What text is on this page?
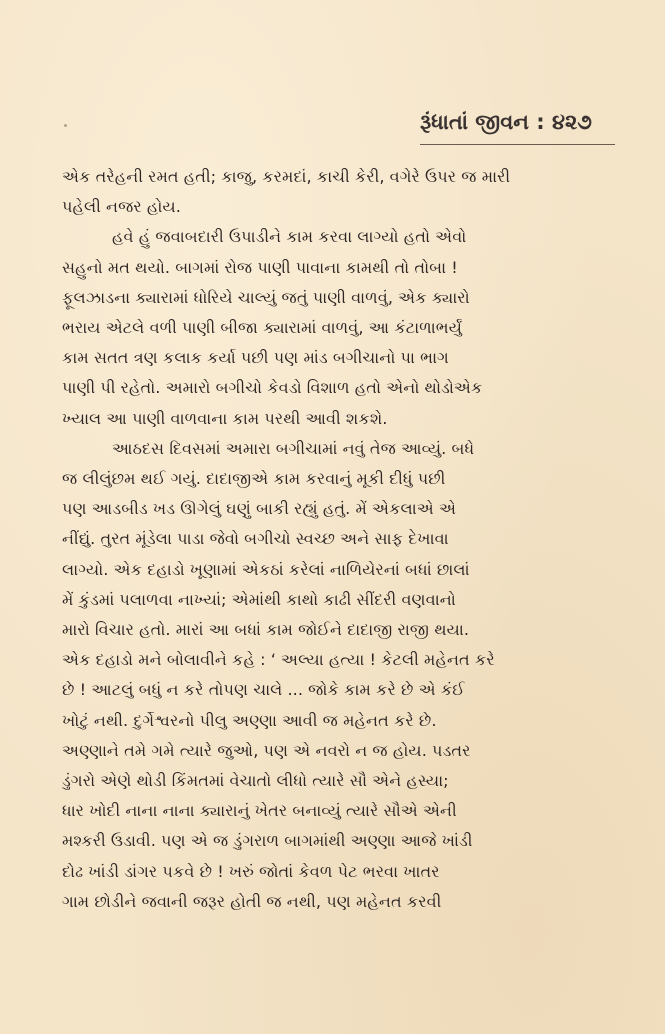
રૂંધાતાં જીવન : ૪૨૭

એક તરેહની રમત હતી; કાજુ, કરમદાં, કાચી કેરી, વગેરે ઉપર જ મારી
પહેલી નજર હોય.

હવે હું જવાબદારી ઉપાડીને કામ કરવા લાગ્યો હતો એવો
સહુનો મત થયો. બાગમાં રોજ પાણી પાવાના કામથી તો તોબા !
ફૂલઝાડના ક્યારામાં ધોરિયે ચાલ્યું જતું પાણી વાળવું, એક ક્યારો
ભરાય એટલે વળી પાણી બીજા ક્યારામાં વાળવું, આ કંટાળાભર્યું
કામ સતત ત્રણ કલાક કર્યા પછી પણ માંડ બગીચાનો પા ભાગ
પાણી પી રહેતો. અમારો બગીચો કેવડો વિશાળ હતો એનો થોડોએક
ખ્યાલ આ પાણી વાળવાના કામ પરથી આવી શકશે.

આઠદસ દિવસમાં અમારા બગીચામાં નવું તેજ આવ્યું. બધે
જ લીલુંછમ થઈ ગયું. દાદાજીએ કામ કરવાનું મૂકી દીધું પછી
પણ આડબીડ ખડ ઊગેલું ઘણું બાકી રહ્યું હતું. મેં એકલાએ એ
નીંદ્યું. તુરત મૂંડેલા પાડા જેવો બગીચો સ્વચ્છ અને સાફ દેખાવા
લાગ્યો. એક દહાડો ખૂણામાં એકઠાં કરેલાં નાળિયેરનાં બધાં છાલાં
મેં કુંડમાં પલાળવા નાખ્યાં; એમાંથી કાથો કાઢી સીંદરી વણવાનો
મારો વિચાર હતો. મારાં આ બધાં કામ જોઈને દાદાજી રાજી થયા.
એક દહાડો મને બોલાવીને કહે : ‘ અલ્યા હત્યા ! કેટલી મહેનત કરે
છે ! આટલું બધું ન કરે તોપણ ચાલે ... જોકે કામ કરે છે એ કંઈ
ખોટું નથી. દુર્ગેશ્વરનો પીલુ અણ્ણા આવી જ મહેનત કરે છે.
અણ્ણાને તમે ગમે ત્યારે જુઓ, પણ એ નવરો ન જ હોય. પડતર
ડુંગરો એણે થોડી કિંમતમાં વેચાતો લીધો ત્યારે સૌ એને હસ્યા;
ધાર ખોદી નાના નાના ક્યારાનું ખેતર બનાવ્યું ત્યારે સૌએ એની
મશ્કરી ઉડાવી. પણ એ જ ડુંગરાળ બાગમાંથી અણ્ણા આજે ખાંડી
દોઢ ખાંડી ડાંગર પકવે છે ! ખરું જોતાં કેવળ પેટ ભરવા ખાતર
ગામ છોડીને જવાની જરૂર હોતી જ નથી, પણ મહેનત કરવી
